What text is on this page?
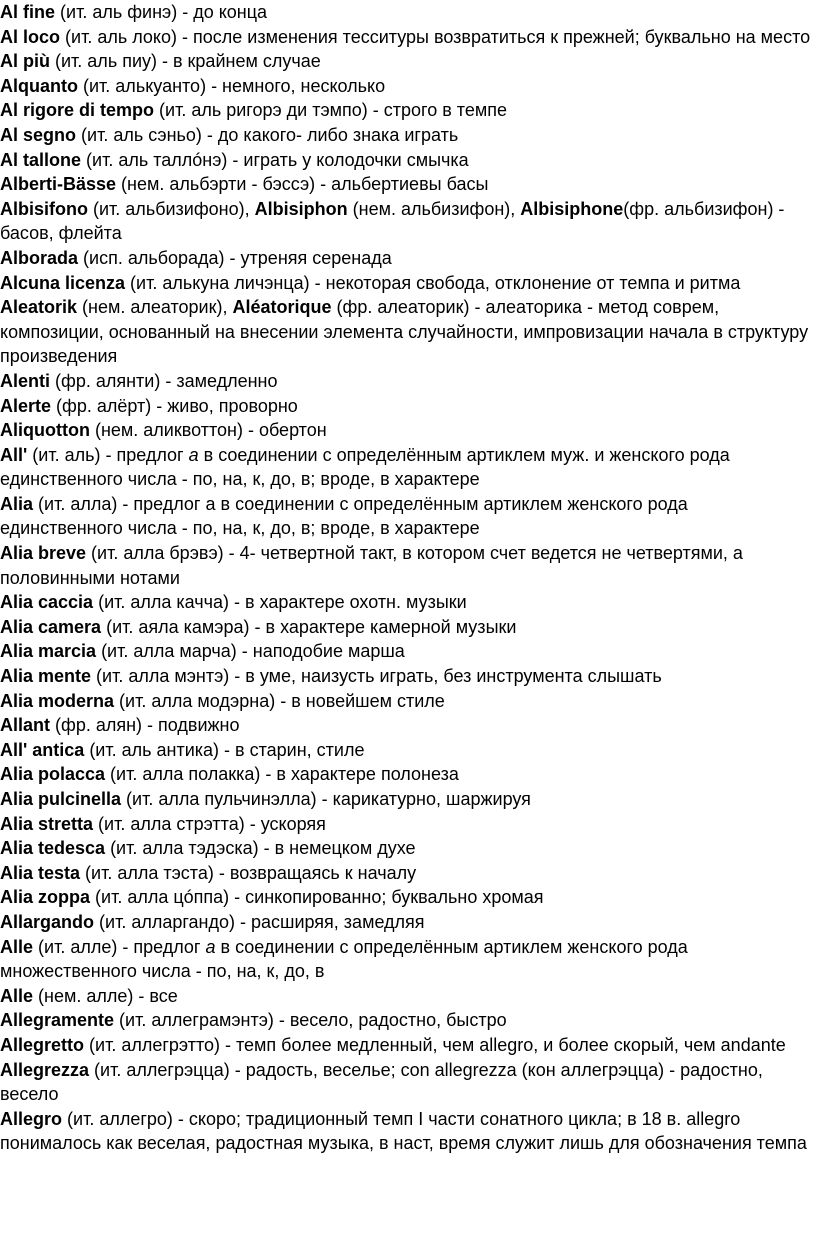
Al fine (ит. аль финэ) - до конца

Al loco (ит. аль локо) - после изменения тесситуры возвратиться к прежней; буквально на место

Al più (ит. аль пиу) - в крайнем случае

Alquanto (ит. алькуанто) - немного, несколько

Al rigore di tempo (ит. аль ригорэ ди тэмпо) - строго в темпе

Al segno (ит. аль сэньо) - до какого- либо знака играть

Al tallone (ит. аль таллóнэ) - играть у колодочки смычка

Alberti-Bässe (нем. альбэрти - бэссэ) - альбертиевы басы

Albisifono (ит. альбизифоно), Albisiphon (нем. альбизифон), Albisiphone(фр. альбизифон) - басов, флейта

Alborada (исп. альборада) - утреняя серенада

Alcuna licenza (ит. алькуна личэнца) - некоторая свобода, отклонение от темпа и ритма

Aleatorik (нем. алеаторик), Aléatorique (фр. алеаторик) - алеаторика - метод соврем, композиции, основанный на внесении элемента случайности, импровизации начала в структуру произведения

Alenti (фр. алянти) - замедленно

Alerte (фр. алёрт) - живо, проворно

Aliquotton (нем. аликвоттон) - обертон

All' (ит. аль) - предлог а в соединении с определённым артиклем муж. и женского рода единственного числа - по, на, к, до, в; вроде, в характере

Alia (ит. алла) - предлог а в соединении с определённым артиклем женского рода единственного числа - по, на, к, до, в; вроде, в характере

Alia breve (ит. алла брэвэ) - 4- четвертной такт, в котором счет ведется не четвертями, а половинными нотами

Alia caccia (ит. алла качча) - в характере охотн. музыки

Alia camera (ит. аяла камэра) - в характере камерной музыки

Alia marcia (ит. алла марча) - наподобие марша

Alia mente (ит. алла мэнтэ) - в уме, наизусть играть, без инструмента слышать

Alia moderna (ит. алла модэрна) - в новейшем стиле

Allant (фр. алян) - подвижно

All' antica (ит. аль антика) - в старин, стиле

Alia polacca (ит. алла полакка) - в характере полонеза

Alia pulcinella (ит. алла пульчинэлла) - карикатурно, шаржируя

Alia stretta (ит. алла стрэтта) - ускоряя

Alia tedesca (ит. алла тэдэска) - в немецком духе

Alia testa (ит. алла тэста) - возвращаясь к началу

Alia zoppa (ит. алла цóппа) - синкопированно; буквально хромая

Allargando (ит. алларгандо) - расширяя, замедляя

Alle (ит. алле) - предлог а в соединении с определённым артиклем женского рода множественного числа - по, на, к, до, в

Alle (нем. алле) - все

Allegramente (ит. аллеграмэнтэ) - весело, радостно, быстро

Allegretto (ит. аллегрэтто) - темп более медленный, чем allegro, и более скорый, чем andante

Allegrezza (ит. аллегрэцца) - радость, веселье; con allegrezza (кон аллегрэцца) - радостно, весело

Allegro (ит. аллегро) - скоро; традиционный темп I части сонатного цикла; в 18 в. allegro понималось как веселая, радостная музыка, в наст, время служит лишь для обозначения темпа
